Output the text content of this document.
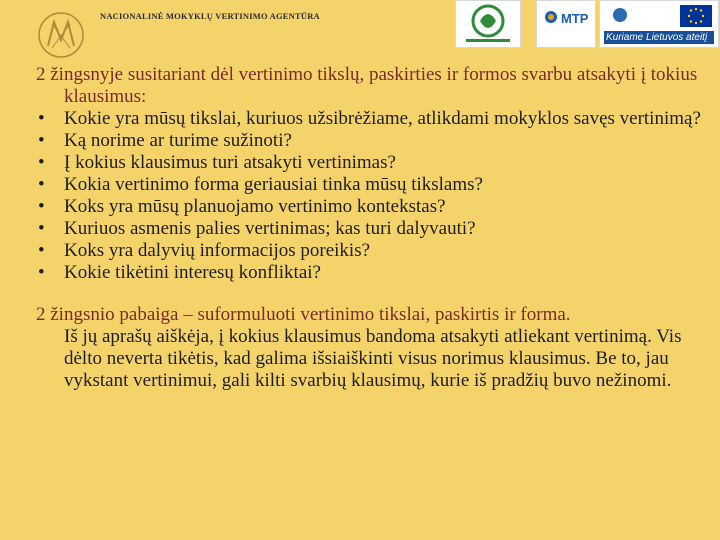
NACIONALINĖ MOKYKLŲ VERTINIMO AGENTŪRA	MTP
Kuriame Lietuvos ateitį

2 žingsnyje susitariant dėl vertinimo tikslų, paskirties ir formos svarbu atsakyti į tokius klausimus:

• Kokie yra mūsų tikslai, kuriuos užsibrėžiame, atlikdami mokyklos savęs vertinimą?
• Ką norime ar turime sužinoti?
• Į kokius klausimus turi atsakyti vertinimas?
• Kokia vertinimo forma geriausiai tinka mūsų tikslams?
• Koks yra mūsų planuojamo vertinimo kontekstas?
• Kuriuos asmenis palies vertinimas; kas turi dalyvauti?
• Koks yra dalyvių informacijos poreikis?
• Kokie tikėtini interesų konfliktai?

2 žingsnio pabaiga – suformuluoti vertinimo tikslai, paskirtis ir forma.

Iš jų aprašų aiškėja, į kokius klausimus bandoma atsakyti atliekant vertinimą. Vis dėlto neverta tikėtis, kad galima išsiaiškinti visus norimus klausimus. Be to, jau vykstant vertinimui, gali kilti svarbių klausimų, kurie iš pradžių buvo nežinomi.
